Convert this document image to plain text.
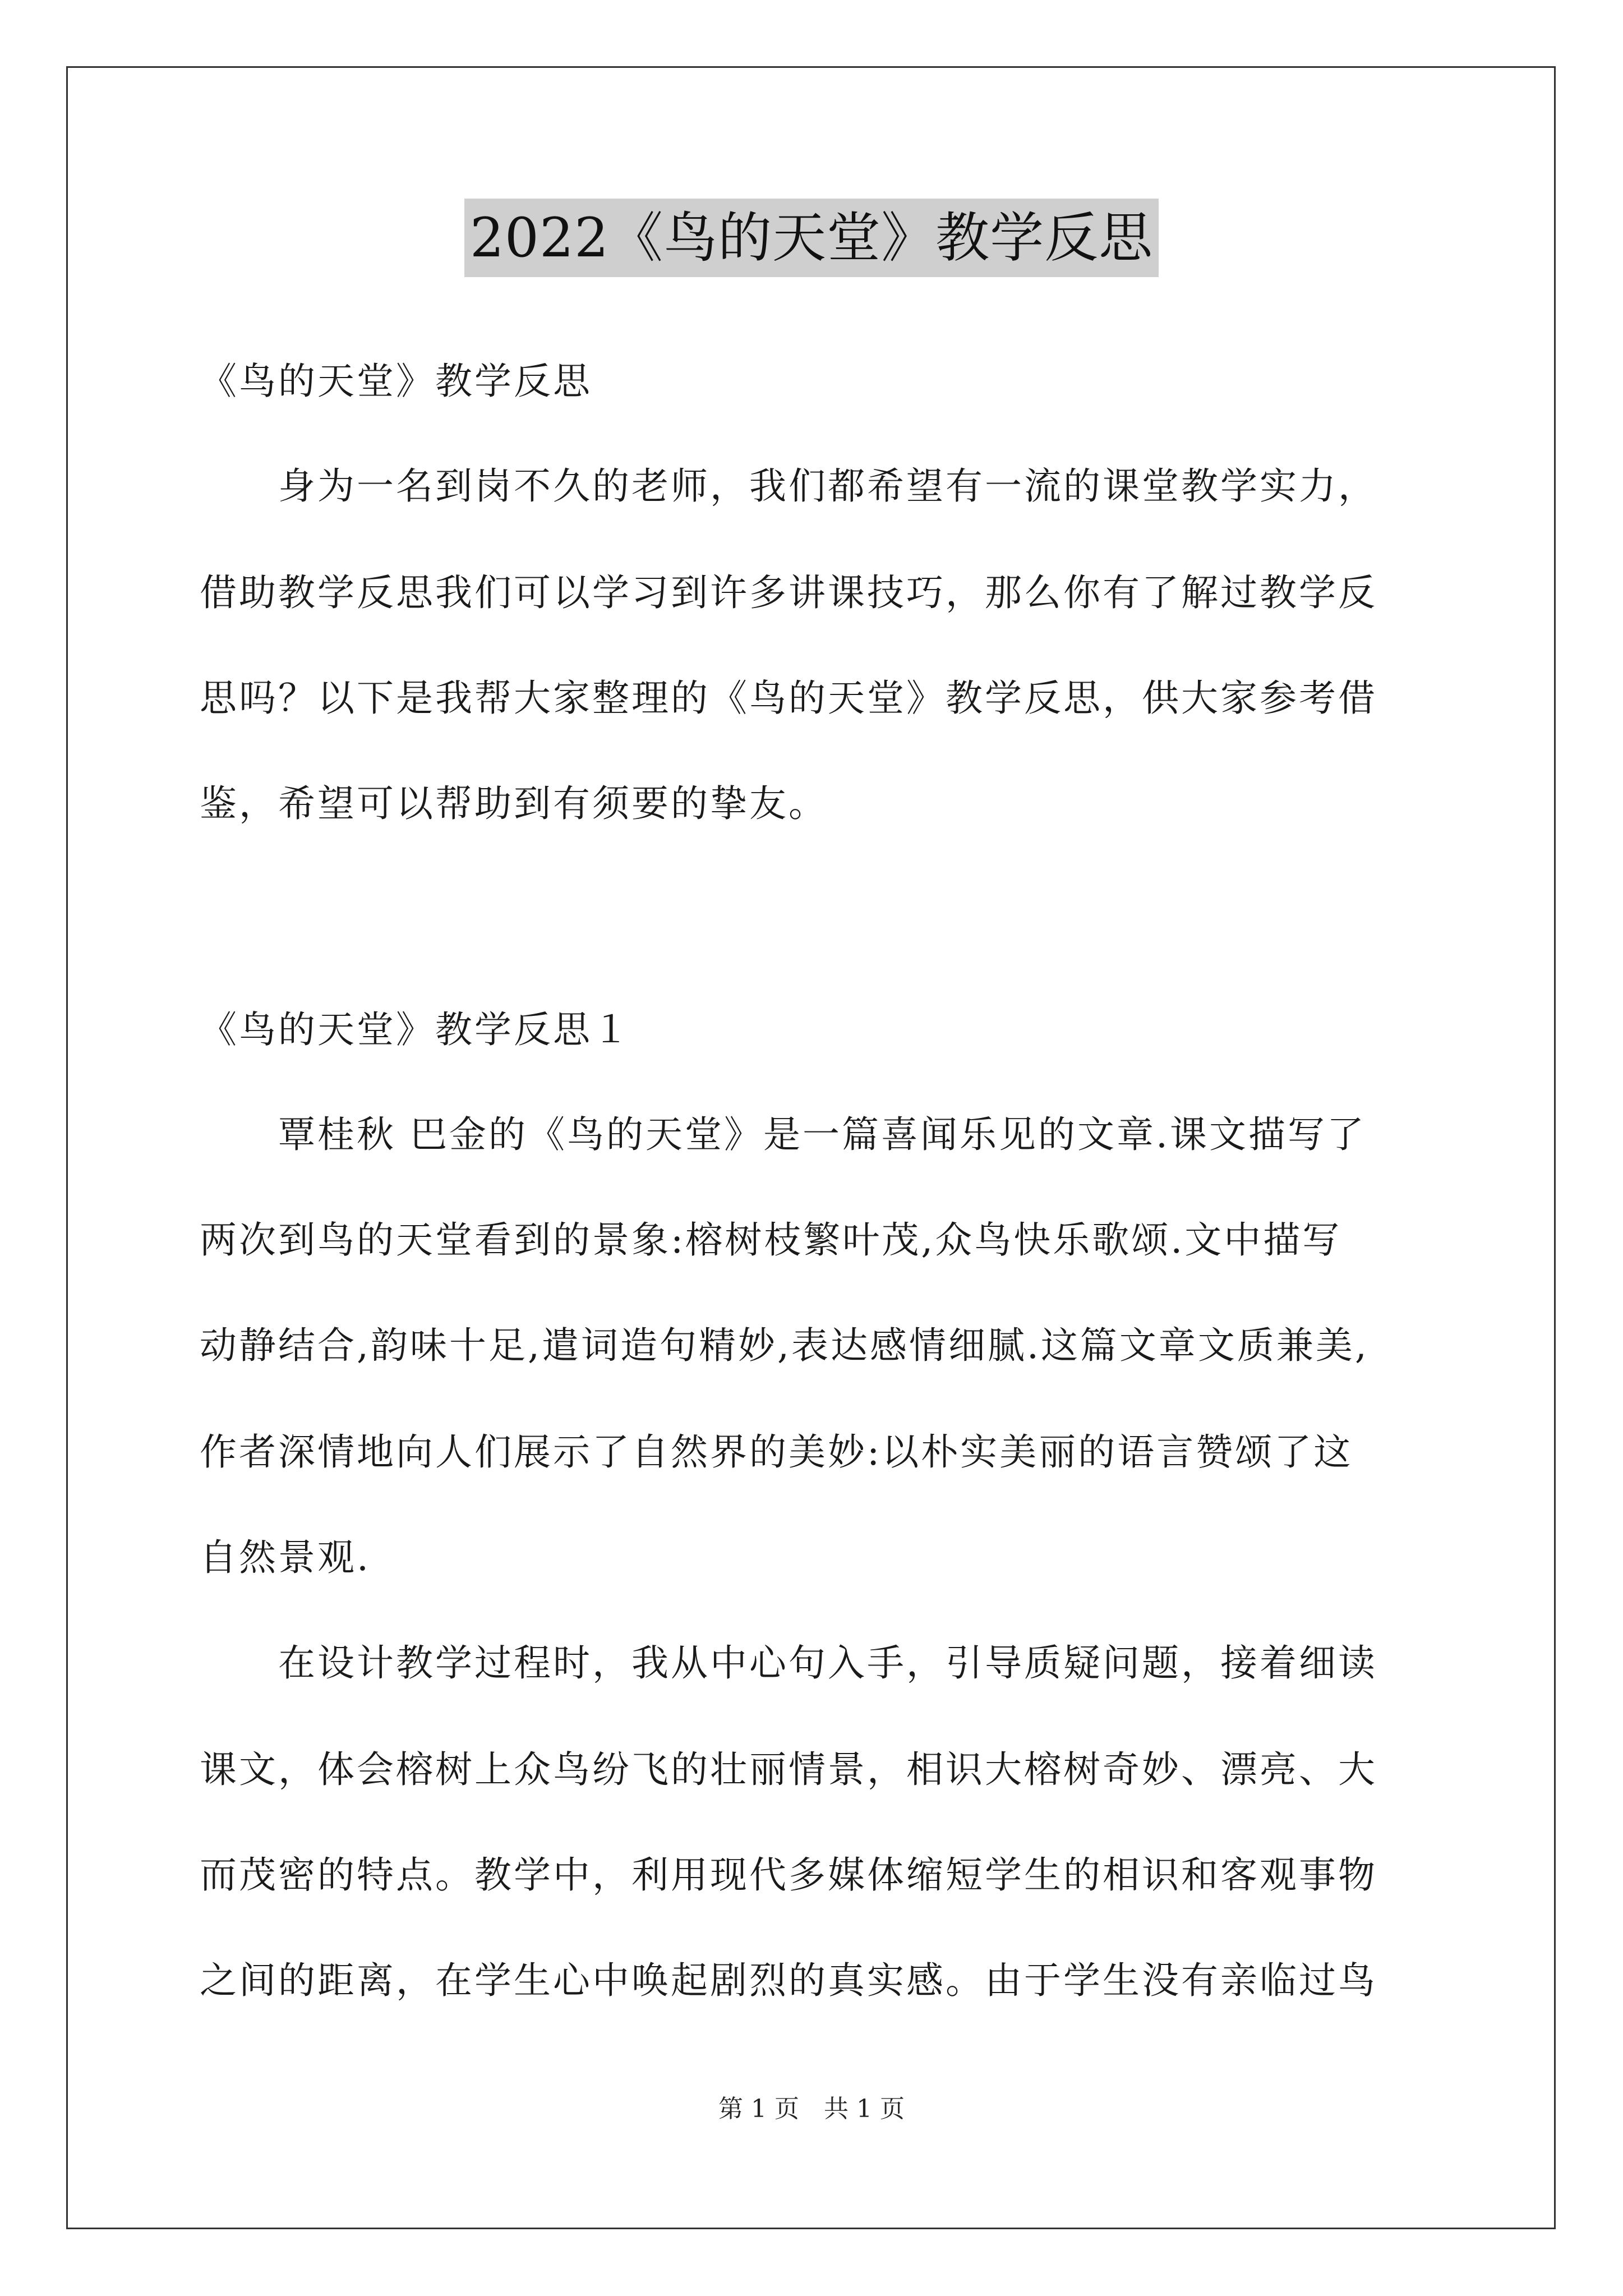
2022《鸟的天堂》教学反思
《鸟的天堂》教学反思
身为一名到岗不久的老师，我们都希望有一流的课堂教学实力，
借助教学反思我们可以学习到许多讲课技巧，那么你有了解过教学反
思吗？以下是我帮大家整理的《鸟的天堂》教学反思，供大家参考借
鉴，希望可以帮助到有须要的挚友。
《鸟的天堂》教学反思１
覃桂秋 巴金的《鸟的天堂》是一篇喜闻乐见的文章.课文描写了
两次到鸟的天堂看到的景象:榕树枝繁叶茂,众鸟快乐歌颂.文中描写
动静结合,韵味十足,遣词造句精妙,表达感情细腻.这篇文章文质兼美,
作者深情地向人们展示了自然界的美妙:以朴实美丽的语言赞颂了这
自然景观.
在设计教学过程时，我从中心句入手，引导质疑问题，接着细读
课文，体会榕树上众鸟纷飞的壮丽情景，相识大榕树奇妙、漂亮、大
而茂密的特点。教学中，利用现代多媒体缩短学生的相识和客观事物
之间的距离，在学生心中唤起剧烈的真实感。由于学生没有亲临过鸟
第 1 页　共 1 页
